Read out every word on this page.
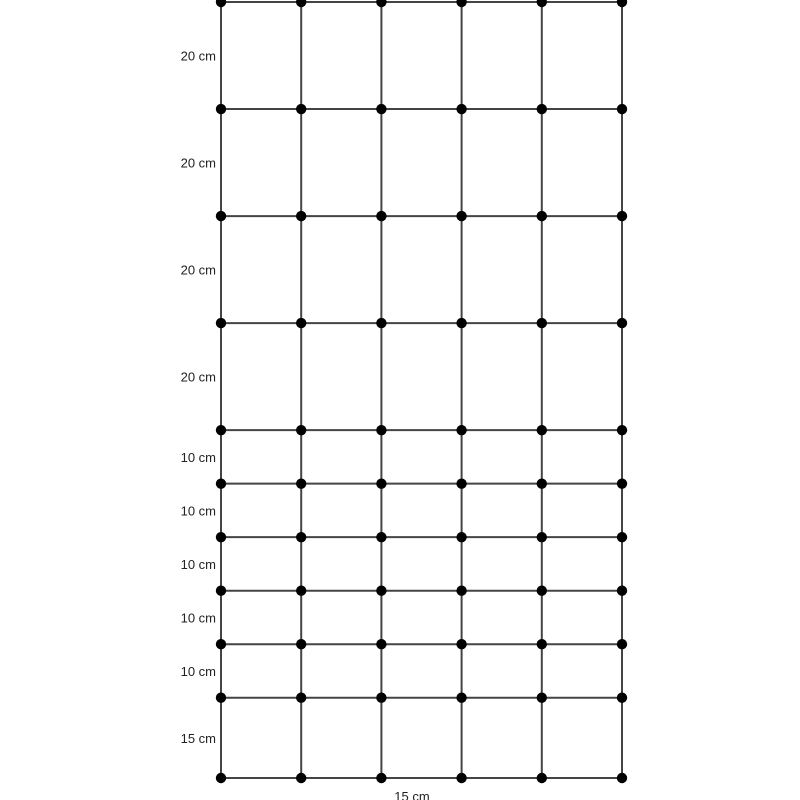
20 cm
20 cm
20 cm
20 cm
10 cm
10 cm
10 cm
10 cm
10 cm
15 cm
15 cm
